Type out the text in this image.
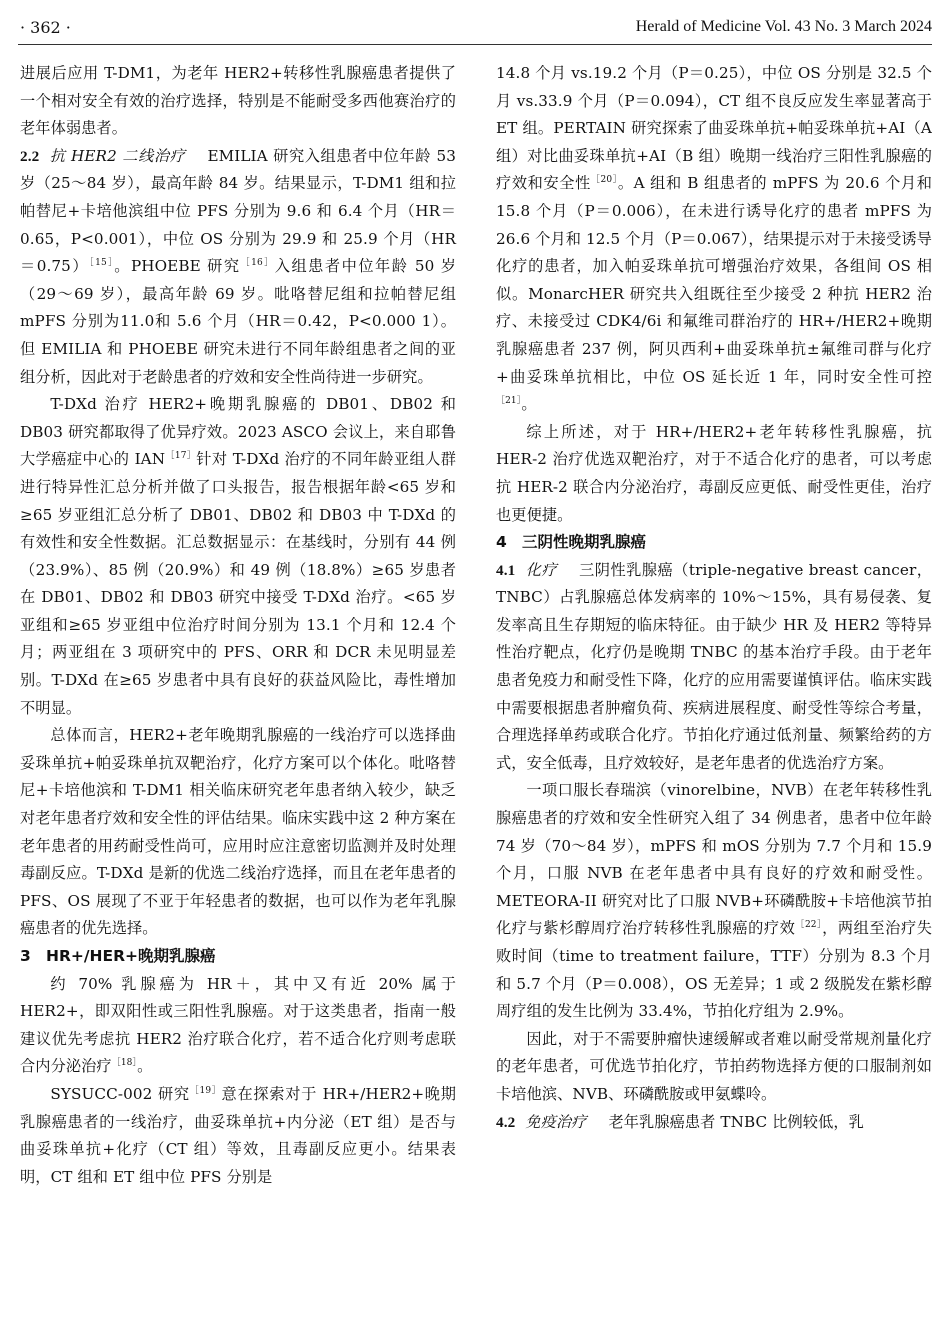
· 362 ·	Herald of Medicine Vol. 43 No. 3 March 2024

进展后应用 T-DM1，为老年 HER2+转移性乳腺癌患者提供了一个相对安全有效的治疗选择，特别是不能耐受多西他赛治疗的老年体弱患者。

2.2 抗 HER2 二线治疗 EMILIA 研究入组患者中位年龄 53 岁（25～84 岁），最高年龄 84 岁。结果显示，T-DM1 组和拉帕替尼+卡培他滨组中位 PFS 分别为 9.6 和 6.4 个月（HR＝0.65，P<0.001），中位 OS 分别为 29.9 和 25.9 个月（HR＝0.75）$^{[15]}$。PHOEBE 研究$^{[16]}$入组患者中位年龄 50 岁（29～69 岁），最高年龄 69 岁。吡咯替尼组和拉帕替尼组 mPFS 分别为11.0和 5.6 个月（HR＝0.42，P<0.000 1）。但 EMILIA 和 PHOEBE 研究未进行不同年龄组患者之间的亚组分析，因此对于老龄患者的疗效和安全性尚待进一步研究。

T-DXd 治疗 HER2+晚期乳腺癌的 DB01、DB02 和 DB03 研究都取得了优异疗效。2023 ASCO 会议上，来自耶鲁大学癌症中心的 $IAN^{[17]}$针对 T-DXd 治疗的不同年龄亚组人群进行特异性汇总分析并做了口头报告，报告根据年龄<65 岁和≥65 岁亚组汇总分析了 DB01、DB02 和 DB03 中 T-DXd 的有效性和安全性数据。汇总数据显示：在基线时，分别有 44 例（23.9%）、85 例（20.9%）和 49 例（18.8%）≥65 岁患者在 DB01、DB02 和 DB03 研究中接受 T-DXd 治疗。<65 岁亚组和≥65 岁亚组中位治疗时间分别为 13.1 个月和 12.4 个月；两亚组在 3 项研究中的 PFS、ORR 和 DCR 未见明显差别。T-DXd 在≥65 岁患者中具有良好的获益风险比，毒性增加不明显。

总体而言，HER2+老年晚期乳腺癌的一线治疗可以选择曲妥珠单抗+帕妥珠单抗双靶治疗，化疗方案可以个体化。吡咯替尼+卡培他滨和 T-DM1 相关临床研究老年患者纳入较少，缺乏对老年患者疗效和安全性的评估结果。临床实践中这 2 种方案在老年患者的用药耐受性尚可，应用时应注意密切监测并及时处理毒副反应。T-DXd 是新的优选二线治疗选择，而且在老年患者的 PFS、OS 展现了不亚于年轻患者的数据，也可以作为老年乳腺癌患者的优先选择。

3 HR+/HER+晚期乳腺癌

约 70% 乳腺癌为 HR＋，其中又有近 20% 属于 HER2+，即双阳性或三阳性乳腺癌。对于这类患者，指南一般建议优先考虑抗 HER2 治疗联合化疗，若不适合化疗则考虑联合内分泌治疗$^{[18]}$。

SYSUCC-002 研究$^{[19]}$意在探索对于 HR+/HER2+晚期乳腺癌患者的一线治疗，曲妥珠单抗+内分泌（ET 组）是否与曲妥珠单抗+化疗（CT 组）等效，且毒副反应更小。结果表明，CT 组和 ET 组中位 PFS 分别是

14.8 个月 vs.19.2 个月（P＝0.25），中位 OS 分别是 32.5 个月 vs.33.9 个月（P＝0.094），CT 组不良反应发生率显著高于 ET 组。PERTAIN 研究探索了曲妥珠单抗+帕妥珠单抗+AI（A 组）对比曲妥珠单抗+AI（B 组）晚期一线治疗三阳性乳腺癌的疗效和安全性$^{[20]}$。A 组和 B 组患者的 mPFS 为 20.6 个月和 15.8 个月（P＝0.006），在未进行诱导化疗的患者 mPFS 为 26.6 个月和 12.5 个月（P＝0.067），结果提示对于未接受诱导化疗的患者，加入帕妥珠单抗可增强治疗效果，各组间 OS 相似。MonarcHER 研究共入组既往至少接受 2 种抗 HER2 治疗、未接受过 CDK4/6i 和氟维司群治疗的 HR+/HER2+晚期乳腺癌患者 237 例，阿贝西利+曲妥珠单抗±氟维司群与化疗+曲妥珠单抗相比，中位 OS 延长近 1 年，同时安全性可控$^{[21]}$。

综上所述，对于 HR+/HER2+老年转移性乳腺癌，抗 HER-2 治疗优选双靶治疗，对于不适合化疗的患者，可以考虑抗 HER-2 联合内分泌治疗，毒副反应更低、耐受性更佳，治疗也更便捷。

4 三阴性晚期乳腺癌

4.1 化疗 三阴性乳腺癌（triple-negative breast cancer，TNBC）占乳腺癌总体发病率的 10%～15%，具有易侵袭、复发率高且生存期短的临床特征。由于缺少 HR 及 HER2 等特异性治疗靶点，化疗仍是晚期 TNBC 的基本治疗手段。由于老年患者免疫力和耐受性下降，化疗的应用需要谨慎评估。临床实践中需要根据患者肿瘤负荷、疾病进展程度、耐受性等综合考量，合理选择单药或联合化疗。节拍化疗通过低剂量、频繁给药的方式，安全低毒，且疗效较好，是老年患者的优选治疗方案。

一项口服长春瑞滨（vinorelbine，NVB）在老年转移性乳腺癌患者的疗效和安全性研究入组了 34 例患者，患者中位年龄 74 岁（70～84 岁），mPFS 和 mOS 分别为 7.7 个月和 15.9 个月，口服 NVB 在老年患者中具有良好的疗效和耐受性。METEORA-II 研究对比了口服 NVB+环磷酰胺+卡培他滨节拍化疗与紫杉醇周疗治疗转移性乳腺癌的疗效$^{[22]}$，两组至治疗失败时间（time to treatment failure，TTF）分别为 8.3 个月和 5.7 个月（P＝0.008），OS 无差异；1 或 2 级脱发在紫杉醇周疗组的发生比例为 33.4%，节拍化疗组为 2.9%。

因此，对于不需要肿瘤快速缓解或者难以耐受常规剂量化疗的老年患者，可优选节拍化疗，节拍药物选择方便的口服制剂如卡培他滨、NVB、环磷酰胺或甲氨蝶呤。

4.2 免疫治疗 老年乳腺癌患者 TNBC 比例较低，乳
